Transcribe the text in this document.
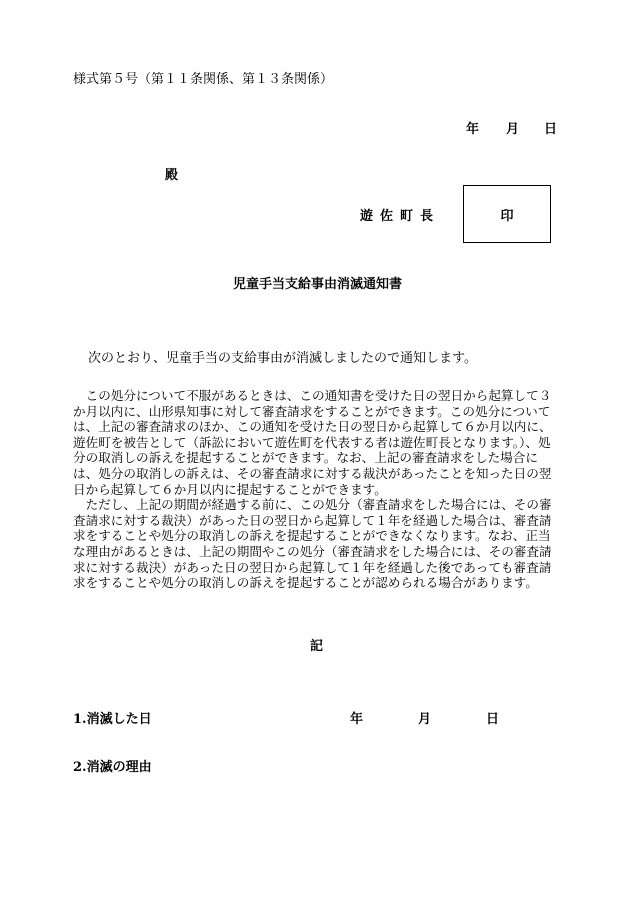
様式第５号（第１１条関係、第１３条関係）
年 月 日
殿
遊佐町長	印
児童手当支給事由消滅通知書
次のとおり、児童手当の支給事由が消滅しましたので通知します。

　この処分について不服があるときは、この通知書を受けた日の翌日から起算して３か月以内に、山形県知事に対して審査請求をすることができます。この処分については、上記の審査請求のほか、この通知を受けた日の翌日から起算して６か月以内に、遊佐町を被告として（訴訟において遊佐町を代表する者は遊佐町長となります。）、処分の取消しの訴えを提起することができます。なお、上記の審査請求をした場合には、処分の取消しの訴えは、その審査請求に対する裁決があったことを知った日の翌日から起算して６か月以内に提起することができます。

　ただし、上記の期間が経過する前に、この処分（審査請求をした場合には、その審査請求に対する裁決）があった日の翌日から起算して１年を経過した場合は、審査請求をすることや処分の取消しの訴えを提起することができなくなります。なお、正当な理由があるときは、上記の期間やこの処分（審査請求をした場合には、その審査請求に対する裁決）があった日の翌日から起算して１年を経過した後であっても審査請求をすることや処分の取消しの訴えを提起することが認められる場合があります。

記
1.消滅した日	年	月	日
2.消滅の理由
